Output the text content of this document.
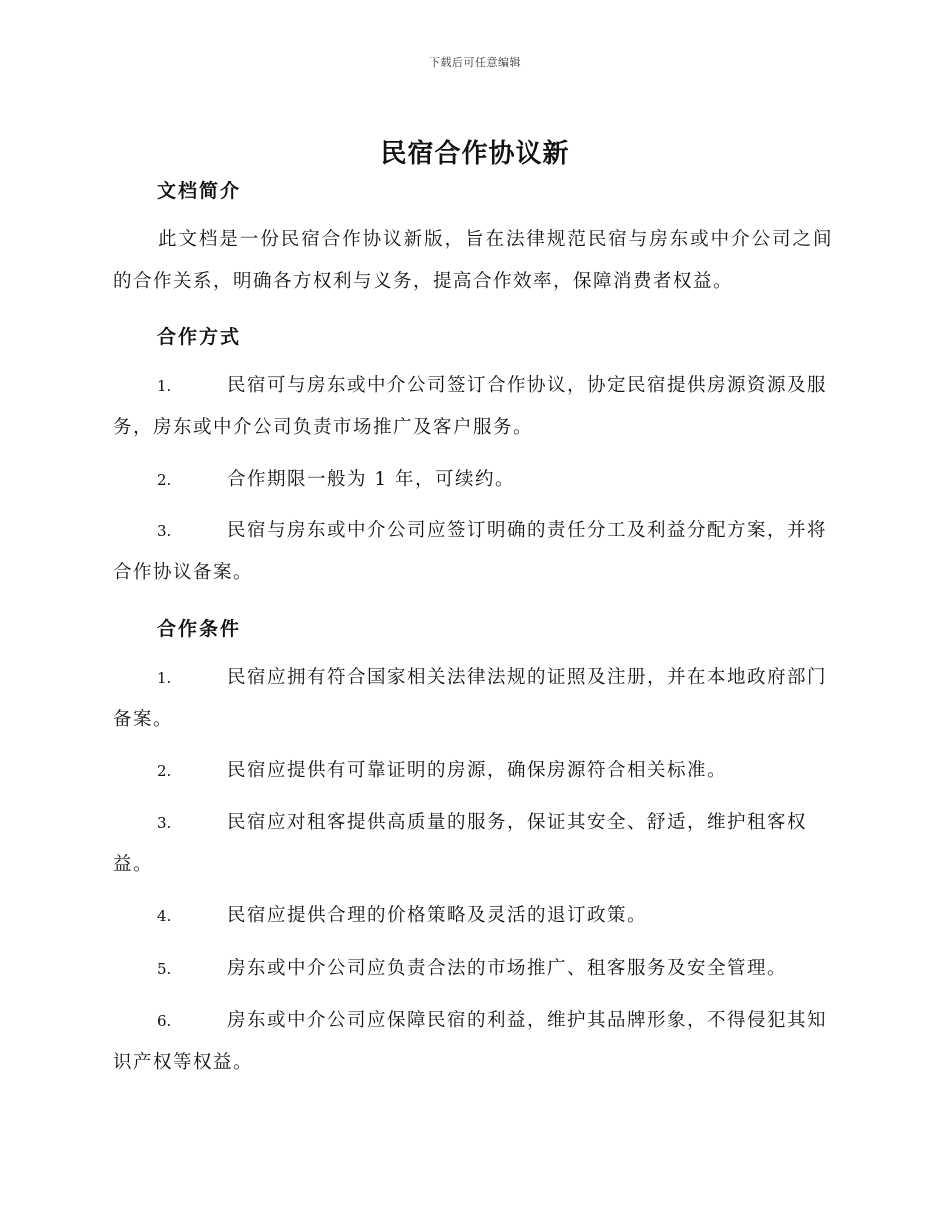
下载后可任意编辑
民宿合作协议新
文档简介

此文档是一份民宿合作协议新版，旨在法律规范民宿与房东或中介公司之间的合作关系，明确各方权利与义务，提高合作效率，保障消费者权益。

合作方式

1.	民宿可与房东或中介公司签订合作协议，协定民宿提供房源资源及服务，房东或中介公司负责市场推广及客户服务。

2.	合作期限一般为 1 年，可续约。

3.	民宿与房东或中介公司应签订明确的责任分工及利益分配方案，并将合作协议备案。

合作条件

1.	民宿应拥有符合国家相关法律法规的证照及注册，并在本地政府部门备案。

2.	民宿应提供有可靠证明的房源，确保房源符合相关标准。

3.	民宿应对租客提供高质量的服务，保证其安全、舒适，维护租客权益。

4.	民宿应提供合理的价格策略及灵活的退订政策。

5.	房东或中介公司应负责合法的市场推广、租客服务及安全管理。

6.	房东或中介公司应保障民宿的利益，维护其品牌形象，不得侵犯其知识产权等权益。
